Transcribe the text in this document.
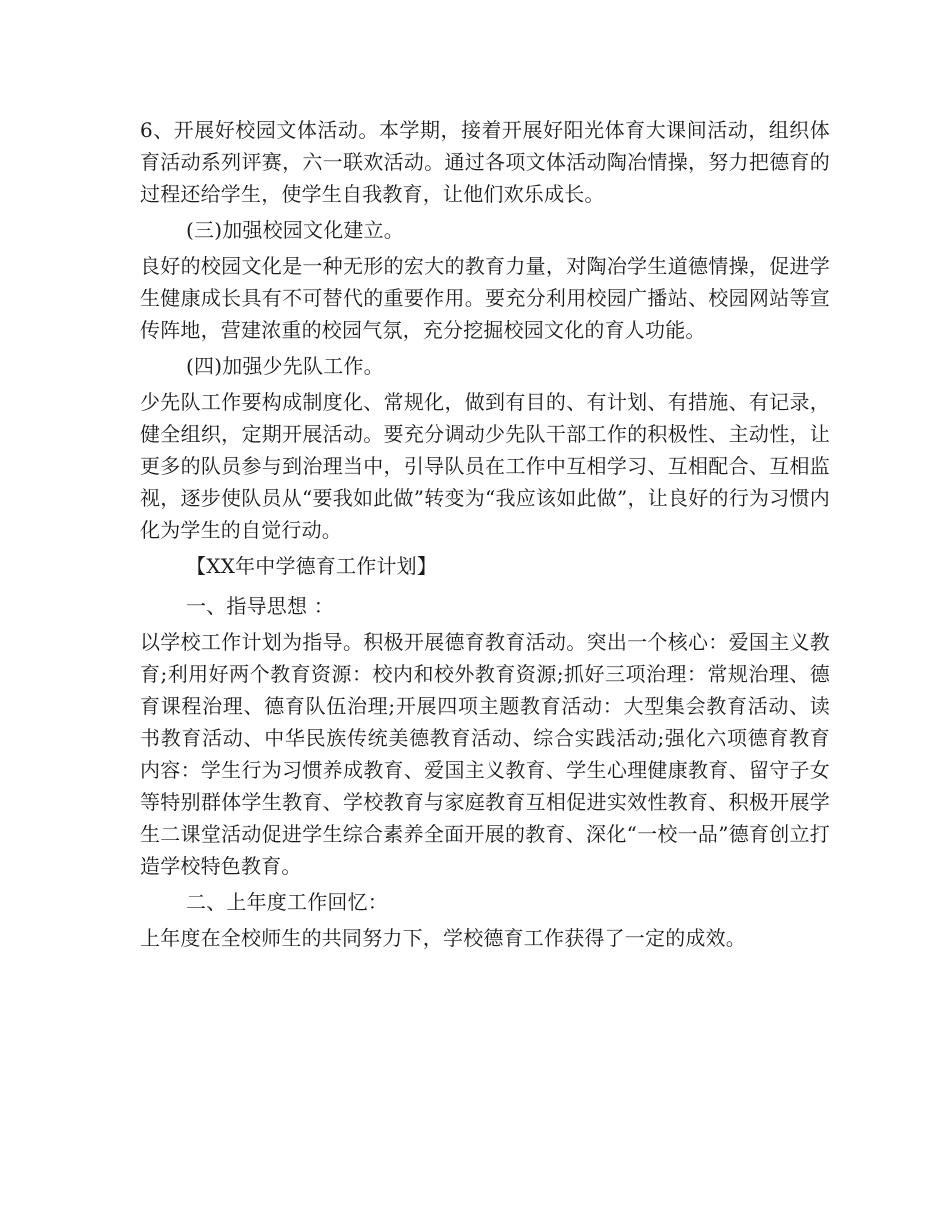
6、开展好校园文体活动。本学期，接着开展好阳光体育大课间活动，组织体育活动系列评赛，六一联欢活动。通过各项文体活动陶冶情操，努力把德育的过程还给学生，使学生自我教育，让他们欢乐成长。

(三)加强校园文化建立。

良好的校园文化是一种无形的宏大的教育力量，对陶冶学生道德情操，促进学生健康成长具有不可替代的重要作用。要充分利用校园广播站、校园网站等宣传阵地，营建浓重的校园气氛，充分挖掘校园文化的育人功能。

(四)加强少先队工作。

少先队工作要构成制度化、常规化，做到有目的、有计划、有措施、有记录，健全组织，定期开展活动。要充分调动少先队干部工作的积极性、主动性，让更多的队员参与到治理当中，引导队员在工作中互相学习、互相配合、互相监视，逐步使队员从“要我如此做”转变为“我应该如此做”，让良好的行为习惯内化为学生的自觉行动。

【XX年中学德育工作计划】

一、指导思想 ：

以学校工作计划为指导。积极开展德育教育活动。突出一个核心：爱国主义教育;利用好两个教育资源：校内和校外教育资源;抓好三项治理：常规治理、德育课程治理、德育队伍治理;开展四项主题教育活动：大型集会教育活动、读书教育活动、中华民族传统美德教育活动、综合实践活动;强化六项德育教育内容：学生行为习惯养成教育、爱国主义教育、学生心理健康教育、留守子女等特别群体学生教育、学校教育与家庭教育互相促进实效性教育、积极开展学生二课堂活动促进学生综合素养全面开展的教育、深化“一校一品”德育创立打造学校特色教育。

二、上年度工作回忆：

上年度在全校师生的共同努力下，学校德育工作获得了一定的成效。
